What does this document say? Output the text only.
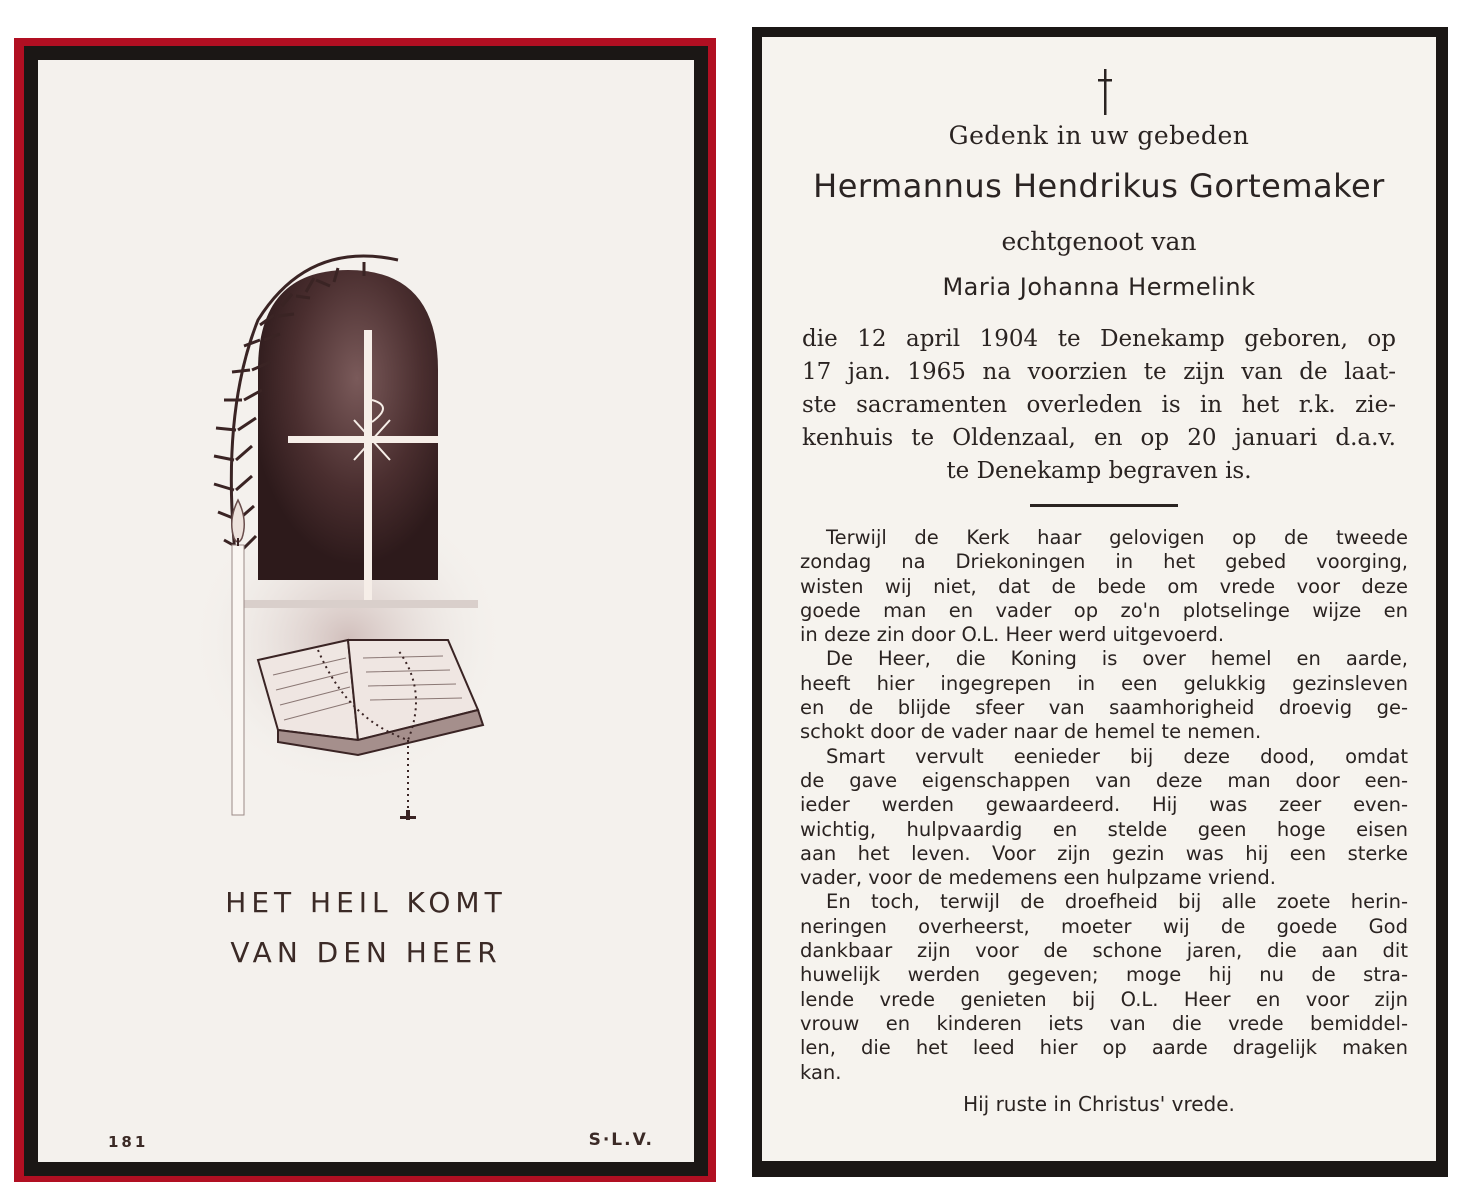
HET HEIL KOMT
VAN DEN HEER
181	S·L.V.
Gedenk in uw gebeden
Hermannus Hendrikus Gortemaker
echtgenoot van
Maria Johanna Hermelink
die 12 april 1904 te Denekamp geboren, op
17 jan. 1965 na voorzien te zijn van de laat-
ste sacramenten overleden is in het r.k. zie-
kenhuis te Oldenzaal, en op 20 januari d.a.v.
te Denekamp begraven is.
Terwijl de Kerk haar gelovigen op de tweede
zondag na Driekoningen in het gebed voorging,
wisten wij niet, dat de bede om vrede voor deze
goede man en vader op zo'n plotselinge wijze en
in deze zin door O.L. Heer werd uitgevoerd.
De Heer, die Koning is over hemel en aarde,
heeft hier ingegrepen in een gelukkig gezinsleven
en de blijde sfeer van saamhorigheid droevig ge-
schokt door de vader naar de hemel te nemen.
Smart vervult eenieder bij deze dood, omdat
de gave eigenschappen van deze man door een-
ieder werden gewaardeerd. Hij was zeer even-
wichtig, hulpvaardig en stelde geen hoge eisen
aan het leven. Voor zijn gezin was hij een sterke
vader, voor de medemens een hulpzame vriend.
En toch, terwijl de droefheid bij alle zoete herin-
neringen overheerst, moeter wij de goede God
dankbaar zijn voor de schone jaren, die aan dit
huwelijk werden gegeven; moge hij nu de stra-
lende vrede genieten bij O.L. Heer en voor zijn
vrouw en kinderen iets van die vrede bemiddel-
len, die het leed hier op aarde dragelijk maken
kan.
Hij ruste in Christus' vrede.
